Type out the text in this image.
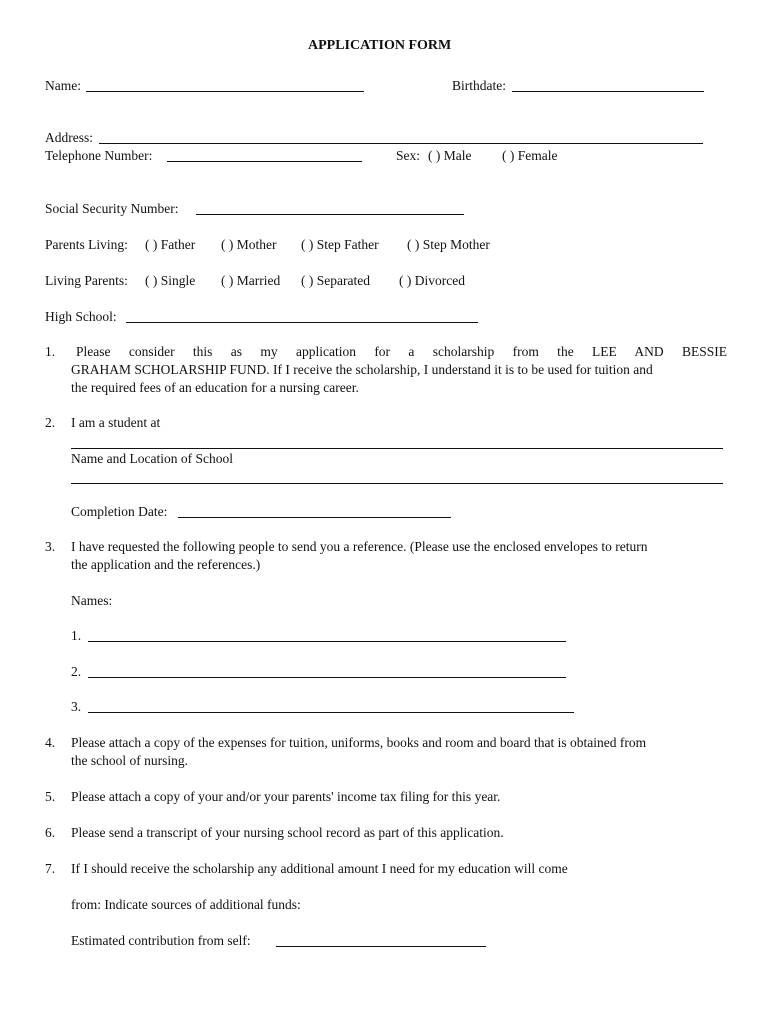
APPLICATION FORM
Name:	Birthdate:
Address:
Telephone Number:	Sex: ( ) Male ( ) Female
Social Security Number:
Parents Living: ( ) Father ( ) Mother ( ) Step Father ( ) Step Mother
Living Parents: ( ) Single ( ) Married ( ) Separated ( ) Divorced
High School:
1. Please consider this as my application for a scholarship from the LEE AND BESSIE
GRAHAM SCHOLARSHIP FUND. If I receive the scholarship, I understand it is to be used for tuition and
the required fees of an education for a nursing career.
2. I am a student at
Name and Location of School
Completion Date:
3. I have requested the following people to send you a reference. (Please use the enclosed envelopes to return
the application and the references.)
Names:
1.
2.
3.
4. Please attach a copy of the expenses for tuition, uniforms, books and room and board that is obtained from
the school of nursing.
5. Please attach a copy of your and/or your parents' income tax filing for this year.
6. Please send a transcript of your nursing school record as part of this application.
7. If I should receive the scholarship any additional amount I need for my education will come
from: Indicate sources of additional funds:
Estimated contribution from self:
